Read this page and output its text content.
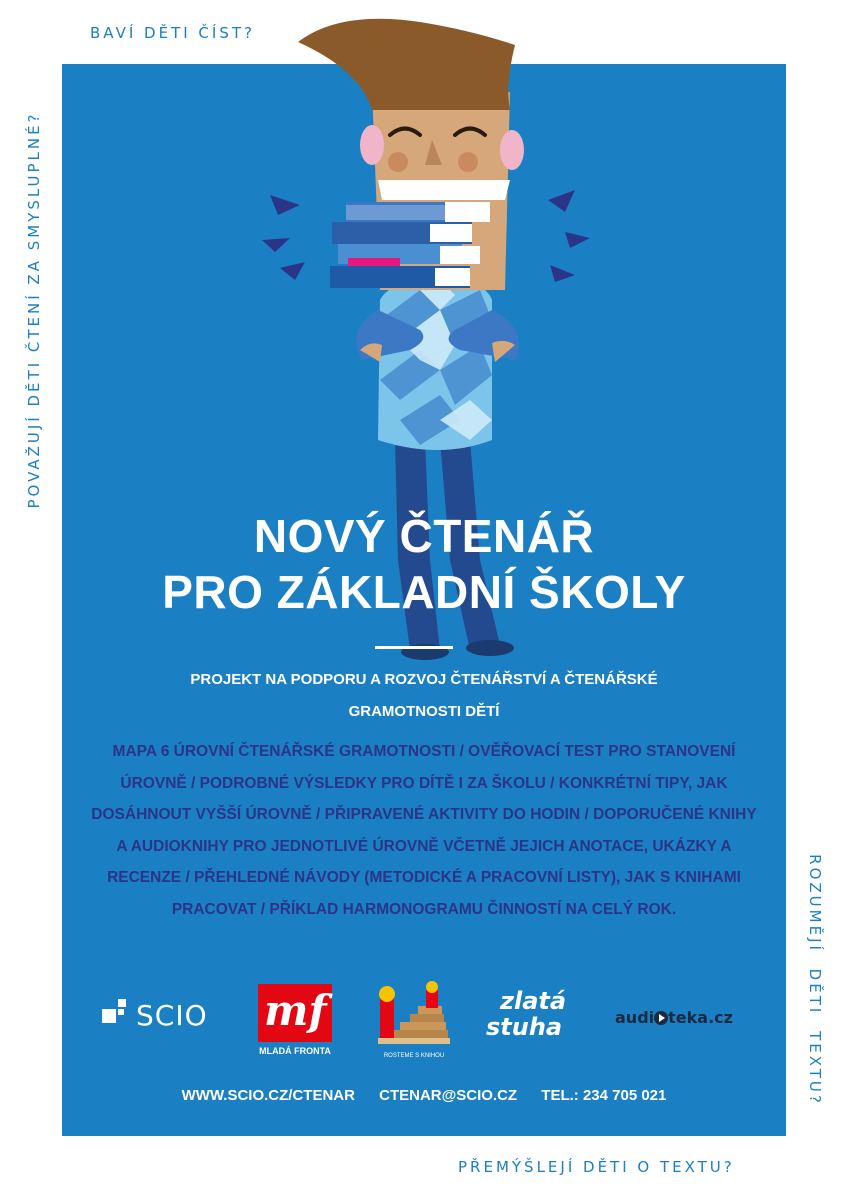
BAVÍ DĚTI ČÍST?
POVAŽUJÍ DĚTI ČTENÍ ZA SMYSLUPLNÉ?
ROZUMĚJÍ DĚTI TEXTU?
PŘEMÝŠLEJÍ DĚTI O TEXTU?
NOVÝ ČTENÁŘ
PRO ZÁKLADNÍ ŠKOLY

PROJEKT NA PODPORU A ROZVOJ ČTENÁŘSTVÍ A ČTENÁŘSKÉ GRAMOTNOSTI DĚTÍ

MAPA 6 ÚROVNÍ ČTENÁŘSKÉ GRAMOTNOSTI / OVĚŘOVACÍ TEST PRO STANOVENÍ ÚROVNĚ / PODROBNÉ VÝSLEDKY PRO DÍTĚ I ZA ŠKOLU / KONKRÉTNÍ TIPY, JAK DOSÁHNOUT VYŠŠÍ ÚROVNĚ / PŘIPRAVENÉ AKTIVITY DO HODIN / DOPORUČENÉ KNIHY A AUDIOKNIHY PRO JEDNOTLIVÉ ÚROVNĚ VČETNĚ JEJICH ANOTACE, UKÁZKY A RECENZE / PŘEHLEDNÉ NÁVODY (METODICKÉ A PRACOVNÍ LISTY), JAK S KNIHAMI PRACOVAT / PŘÍKLAD HARMONOGRAMU ČINNOSTÍ NA CELÝ ROK.

SCIO mf
MLADÁ FRONTA	ROSTEME S KNIHOU
zlatá
stuha	audi teka.cz
WWW.SCIO.CZ/CTENAR CTENAR@SCIO.CZ TEL.: 234 705 021
